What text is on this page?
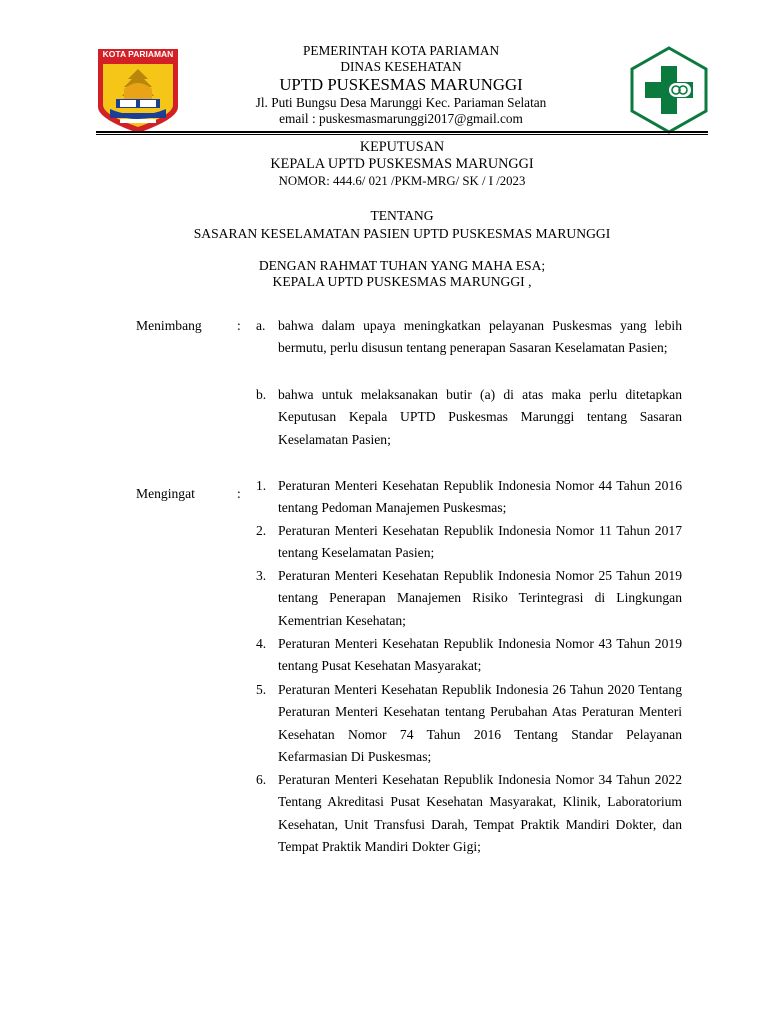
KOTA PARIAMAN	PEMERINTAH KOTA PARIAMAN
DINAS KESEHATAN
UPTD PUSKESMAS MARUNGGI
Jl. Puti Bungsu Desa Marunggi Kec. Pariaman Selatan
email : puskesmasmarunggi2017@gmail.com
KEPUTUSAN
KEPALA UPTD PUSKESMAS MARUNGGI
NOMOR: 444.6/ 021 /PKM-MRG/ SK / I /2023
TENTANG
SASARAN KESELAMATAN PASIEN UPTD PUSKESMAS MARUNGGI
DENGAN RAHMAT TUHAN YANG MAHA ESA;
KEPALA UPTD PUSKESMAS MARUNGGI ,
Menimbang	: a. bahwa dalam upaya meningkatkan pelayanan Puskesmas yang lebih bermutu, perlu disusun tentang penerapan Sasaran Keselamatan Pasien;
b. bahwa untuk melaksanakan butir (a) di atas maka perlu ditetapkan Keputusan Kepala UPTD Puskesmas Marunggi tentang Sasaran Keselamatan Pasien;
Mengingat	:
1. Peraturan Menteri Kesehatan Republik Indonesia Nomor 44 Tahun 2016 tentang Pedoman Manajemen Puskesmas;
2. Peraturan Menteri Kesehatan Republik Indonesia Nomor 11 Tahun 2017 tentang Keselamatan Pasien;
3. Peraturan Menteri Kesehatan Republik Indonesia Nomor 25 Tahun 2019 tentang Penerapan Manajemen Risiko Terintegrasi di Lingkungan Kementrian Kesehatan;
4. Peraturan Menteri Kesehatan Republik Indonesia Nomor 43 Tahun 2019 tentang Pusat Kesehatan Masyarakat;
5. Peraturan Menteri Kesehatan Republik Indonesia 26 Tahun 2020 Tentang Peraturan Menteri Kesehatan tentang Perubahan Atas Peraturan Menteri Kesehatan Nomor 74 Tahun 2016 Tentang Standar Pelayanan Kefarmasian Di Puskesmas;
6. Peraturan Menteri Kesehatan Republik Indonesia Nomor 34 Tahun 2022 Tentang Akreditasi Pusat Kesehatan Masyarakat, Klinik, Laboratorium Kesehatan, Unit Transfusi Darah, Tempat Praktik Mandiri Dokter, dan Tempat Praktik Mandiri Dokter Gigi;
